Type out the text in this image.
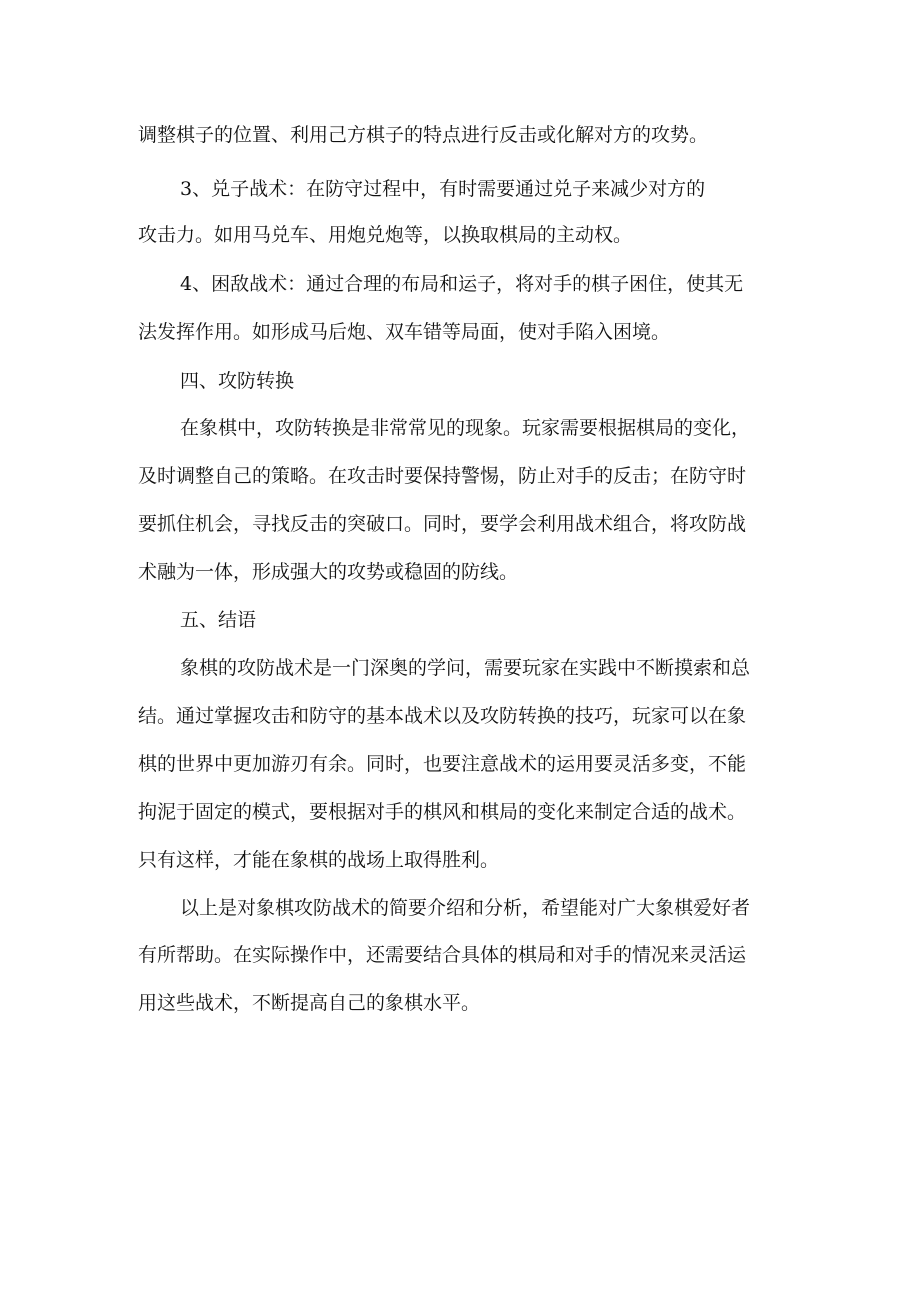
调整棋子的位置、利用己方棋子的特点进行反击或化解对方的攻势。
3、兑子战术：在防守过程中，有时需要通过兑子来减少对方的
攻击力。如用马兑车、用炮兑炮等，以换取棋局的主动权。
4、困敌战术：通过合理的布局和运子，将对手的棋子困住，使其无
法发挥作用。如形成马后炮、双车错等局面，使对手陷入困境。
四、攻防转换
在象棋中，攻防转换是非常常见的现象。玩家需要根据棋局的变化，
及时调整自己的策略。在攻击时要保持警惕，防止对手的反击；在防守时
要抓住机会，寻找反击的突破口。同时，要学会利用战术组合，将攻防战
术融为一体，形成强大的攻势或稳固的防线。
五、结语
象棋的攻防战术是一门深奥的学问，需要玩家在实践中不断摸索和总
结。通过掌握攻击和防守的基本战术以及攻防转换的技巧，玩家可以在象
棋的世界中更加游刃有余。同时，也要注意战术的运用要灵活多变，不能
拘泥于固定的模式，要根据对手的棋风和棋局的变化来制定合适的战术。
只有这样，才能在象棋的战场上取得胜利。
以上是对象棋攻防战术的简要介绍和分析，希望能对广大象棋爱好者
有所帮助。在实际操作中，还需要结合具体的棋局和对手的情况来灵活运
用这些战术，不断提高自己的象棋水平。
